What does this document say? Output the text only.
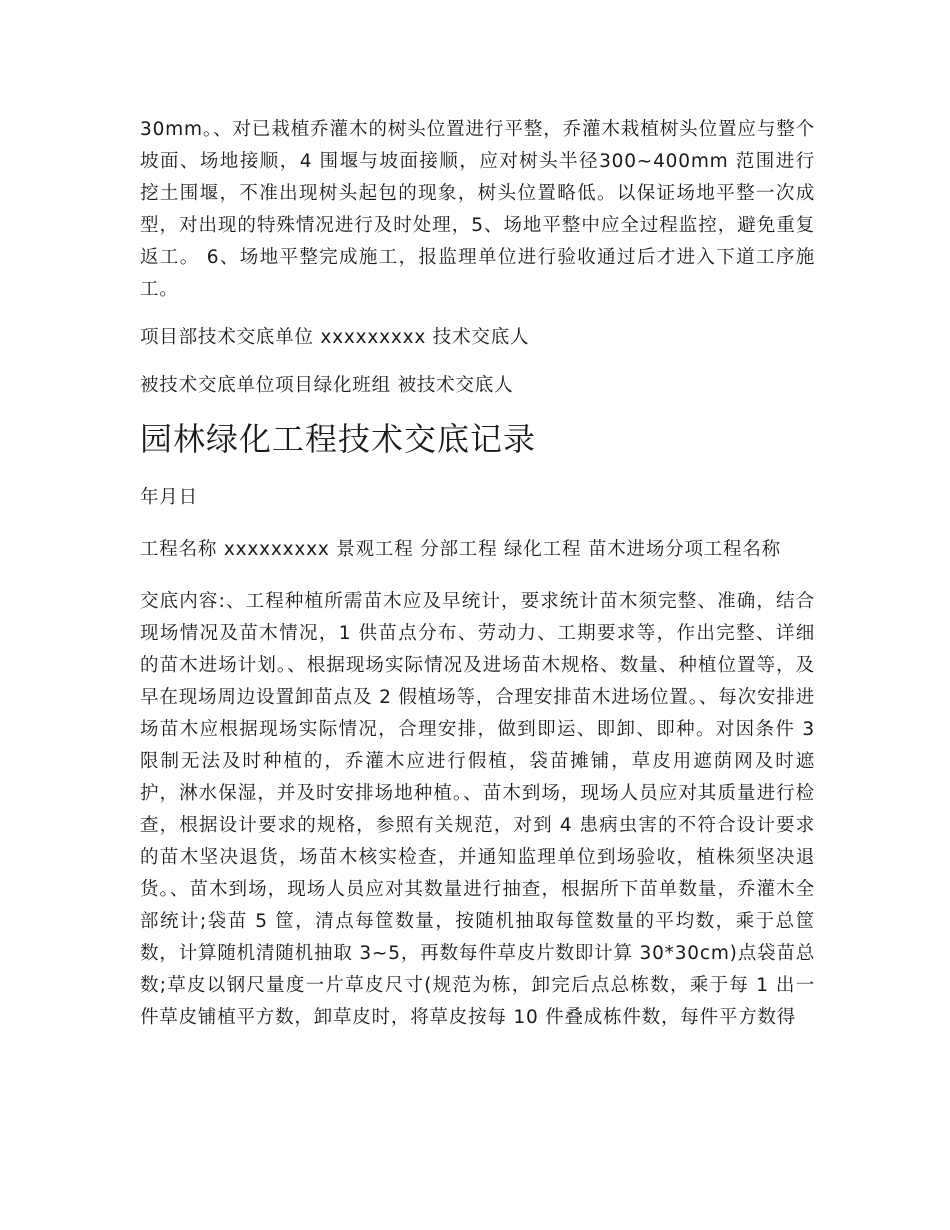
30mm。、对已栽植乔灌木的树头位置进行平整，乔灌木栽植树头位置应与整个坡面、场地接顺，4 围堰与坡面接顺，应对树头半径300~400mm 范围进行挖土围堰，不准出现树头起包的现象，树头位置略低。以保证场地平整一次成型，对出现的特殊情况进行及时处理，5、场地平整中应全过程监控，避免重复返工。 6、场地平整完成施工，报监理单位进行验收通过后才进入下道工序施工。

项目部技术交底单位 xxxxxxxxx 技术交底人

被技术交底单位项目绿化班组 被技术交底人

园林绿化工程技术交底记录

年月日

工程名称 xxxxxxxxx 景观工程 分部工程 绿化工程 苗木进场分项工程名称

交底内容:、工程种植所需苗木应及早统计，要求统计苗木须完整、准确，结合现场情况及苗木情况，1 供苗点分布、劳动力、工期要求等，作出完整、详细的苗木进场计划。、根据现场实际情况及进场苗木规格、数量、种植位置等，及早在现场周边设置卸苗点及 2 假植场等，合理安排苗木进场位置。、每次安排进场苗木应根据现场实际情况，合理安排，做到即运、即卸、即种。对因条件 3 限制无法及时种植的，乔灌木应进行假植，袋苗摊铺，草皮用遮荫网及时遮护，淋水保湿，并及时安排场地种植。、苗木到场，现场人员应对其质量进行检查，根据设计要求的规格，参照有关规范，对到 4 患病虫害的不符合设计要求的苗木坚决退货，场苗木核实检查，并通知监理单位到场验收，植株须坚决退货。、苗木到场，现场人员应对其数量进行抽查，根据所下苗单数量，乔灌木全部统计;袋苗 5 筐，清点每筐数量，按随机抽取每筐数量的平均数，乘于总筐数，计算随机清随机抽取 3~5，再数每件草皮片数即计算 30*30cm)点袋苗总数;草皮以钢尺量度一片草皮尺寸(规范为栋，卸完后点总栋数，乘于每 1 出一件草皮铺植平方数，卸草皮时，将草皮按每 10 件叠成栋件数，每件平方数得
